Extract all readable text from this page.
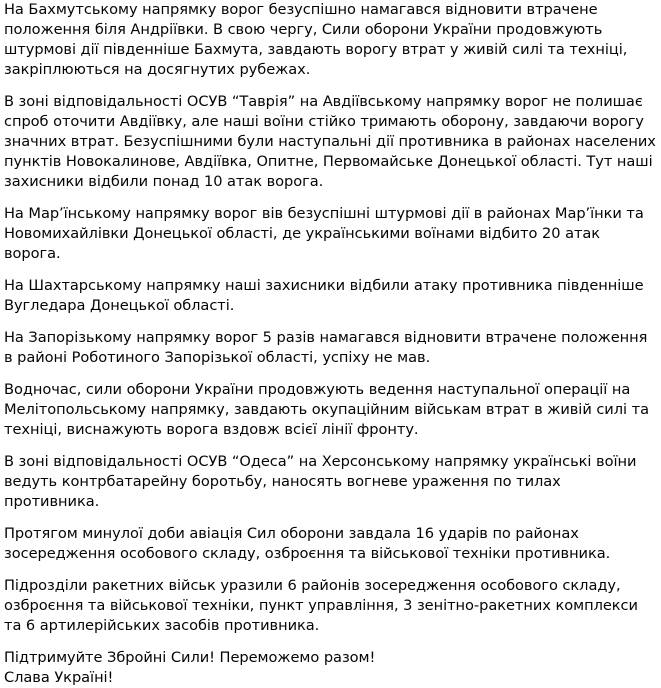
На Бахмутському напрямку ворог безуспішно намагався відновити втрачене положення біля Андріївки. В свою чергу, Сили оборони України продовжують штурмові дії південніше Бахмута, завдають ворогу втрат у живій силі та техніці, закріплюються на досягнутих рубежах.

В зоні відповідальності ОСУВ “Таврія” на Авдіївському напрямку ворог не полишає спроб оточити Авдіївку, але наші воїни стійко тримають оборону, завдаючи ворогу значних втрат. Безуспішними були наступальні дії противника в районах населених пунктів Новокалинове, Авдіївка, Опитне, Первомайське Донецької області. Тут наші захисники відбили понад 10 атак ворога.

На Мар’їнському напрямку ворог вів безуспішні штурмові дії в районах Мар’їнки та Новомихайлівки Донецької області, де українськими воїнами відбито 20 атак ворога.

На Шахтарському напрямку наші захисники відбили атаку противника південніше Вугледара Донецької області.

На Запорізькому напрямку ворог 5 разів намагався відновити втрачене положення в районі Роботиного Запорізької області, успіху не мав.

Водночас, сили оборони України продовжують ведення наступальної операції на Мелітопольському напрямку, завдають окупаційним військам втрат в живій силі та техніці, виснажують ворога вздовж всієї лінії фронту.

В зоні відповідальності ОСУВ “Одеса” на Херсонському напрямку українські воїни ведуть контрбатарейну боротьбу, наносять вогневе ураження по тилах противника.

Протягом минулої доби авіація Сил оборони завдала 16 ударів по районах зосередження особового складу, озброєння та військової техніки противника.

Підрозділи ракетних військ уразили 6 районів зосередження особового складу, озброєння та військової техніки, пункт управління, 3 зенітно-ракетних комплекси та 6 артилерійських засобів противника.

Підтримуйте Збройні Сили! Переможемо разом!
Слава Україні!
